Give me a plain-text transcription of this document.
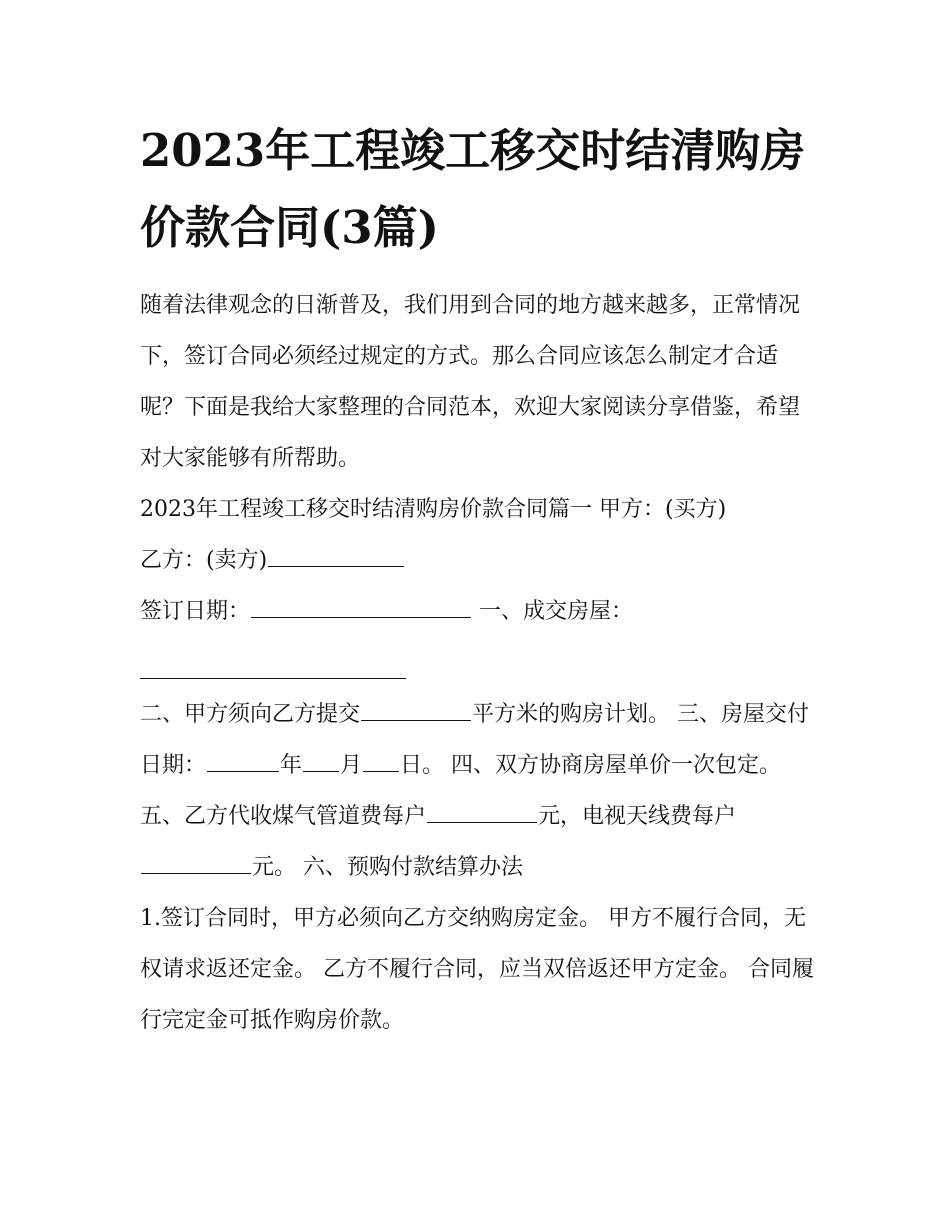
2023年工程竣工移交时结清购房价款合同(3篇)

随着法律观念的日渐普及，我们用到合同的地方越来越多，正常情况下，签订合同必须经过规定的方式。那么合同应该怎么制定才合适呢？下面是我给大家整理的合同范本，欢迎大家阅读分享借鉴，希望对大家能够有所帮助。

2023年工程竣工移交时结清购房价款合同篇一 甲方：(买方)

乙方：(卖方)

签订日期：	一、成交房屋：

二、甲方须向乙方提交	平方米的购房计划。 三、房屋交付日期：	年 月 日。 四、双方协商房屋单价一次包定。

五、乙方代收煤气管道费每户	元，电视天线费每户元。 六、预购付款结算办法

1.签订合同时，甲方必须向乙方交纳购房定金。 甲方不履行合同，无权请求返还定金。 乙方不履行合同，应当双倍返还甲方定金。 合同履行完定金可抵作购房价款。
